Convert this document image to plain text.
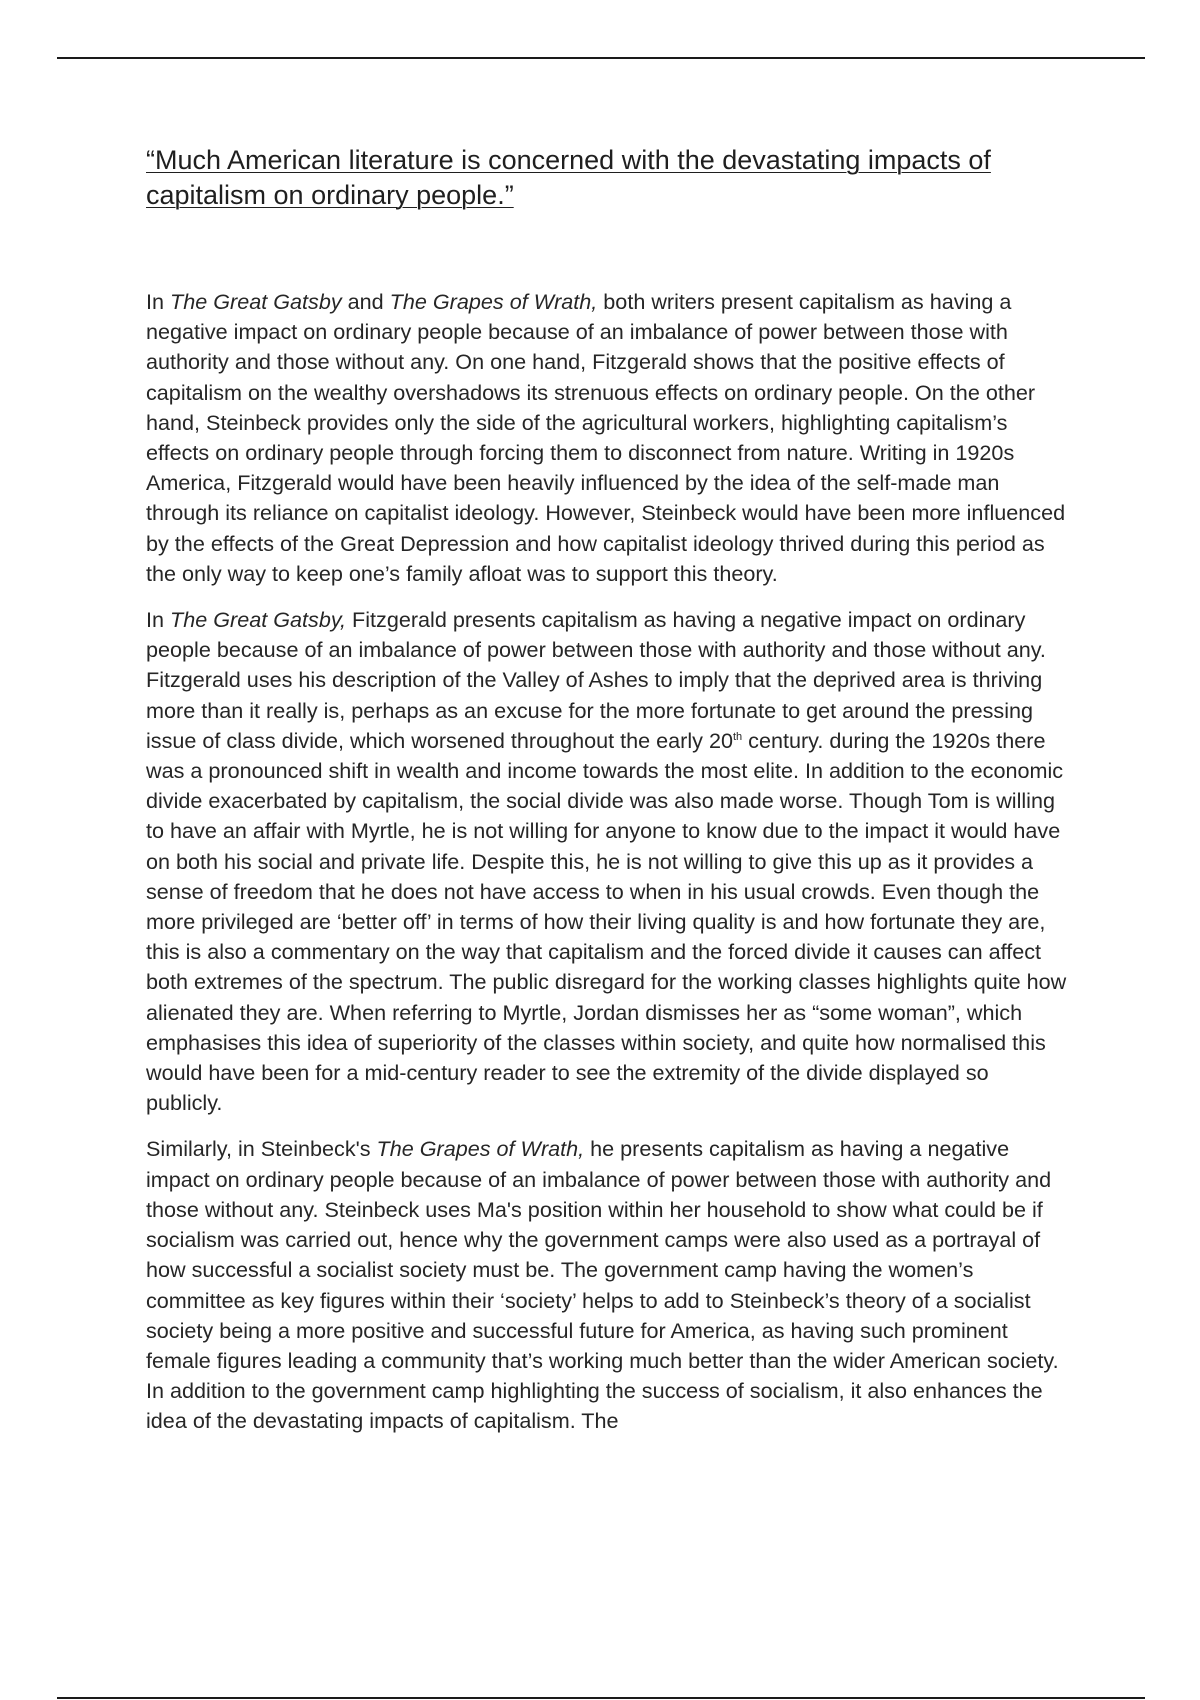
“Much American literature is concerned with the devastating impacts of capitalism on ordinary people.”

In The Great Gatsby and The Grapes of Wrath, both writers present capitalism as having a negative impact on ordinary people because of an imbalance of power between those with authority and those without any. On one hand, Fitzgerald shows that the positive effects of capitalism on the wealthy overshadows its strenuous effects on ordinary people. On the other hand, Steinbeck provides only the side of the agricultural workers, highlighting capitalism’s effects on ordinary people through forcing them to disconnect from nature. Writing in 1920s America, Fitzgerald would have been heavily influenced by the idea of the self-made man through its reliance on capitalist ideology. However, Steinbeck would have been more influenced by the effects of the Great Depression and how capitalist ideology thrived during this period as the only way to keep one’s family afloat was to support this theory.

In The Great Gatsby, Fitzgerald presents capitalism as having a negative impact on ordinary people because of an imbalance of power between those with authority and those without any. Fitzgerald uses his description of the Valley of Ashes to imply that the deprived area is thriving more than it really is, perhaps as an excuse for the more fortunate to get around the pressing issue of class divide, which worsened throughout the early 20th century. during the 1920s there was a pronounced shift in wealth and income towards the most elite. In addition to the economic divide exacerbated by capitalism, the social divide was also made worse. Though Tom is willing to have an affair with Myrtle, he is not willing for anyone to know due to the impact it would have on both his social and private life. Despite this, he is not willing to give this up as it provides a sense of freedom that he does not have access to when in his usual crowds. Even though the more privileged are ‘better off’ in terms of how their living quality is and how fortunate they are, this is also a commentary on the way that capitalism and the forced divide it causes can affect both extremes of the spectrum. The public disregard for the working classes highlights quite how alienated they are. When referring to Myrtle, Jordan dismisses her as “some woman”, which emphasises this idea of superiority of the classes within society, and quite how normalised this would have been for a mid-century reader to see the extremity of the divide displayed so publicly.

Similarly, in Steinbeck's The Grapes of Wrath, he presents capitalism as having a negative impact on ordinary people because of an imbalance of power between those with authority and those without any. Steinbeck uses Ma's position within her household to show what could be if socialism was carried out, hence why the government camps were also used as a portrayal of how successful a socialist society must be. The government camp having the women’s committee as key figures within their ‘society’ helps to add to Steinbeck’s theory of a socialist society being a more positive and successful future for America, as having such prominent female figures leading a community that’s working much better than the wider American society. In addition to the government camp highlighting the success of socialism, it also enhances the idea of the devastating impacts of capitalism. The
